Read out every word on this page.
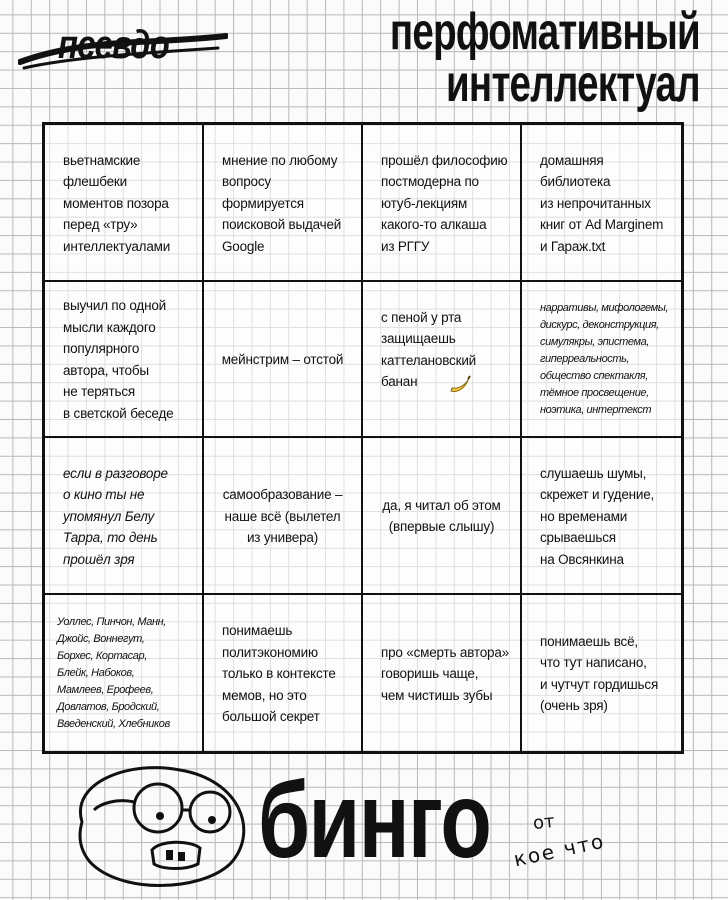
псевдо	перфомативный
интеллектуал
вьетнамские
флешбеки
моментов позора
перед «тру»
интеллектуалами
мнение по любому
вопросу формируется
поисковой выдачей
Google
прошёл философию
постмодерна по
ютуб-лекциям
какого-то алкаша
из РГГУ
домашняя
библиотека
из непрочитанных
книг от Ad Marginem
и Гараж.txt
выучил по одной
мысли каждого
популярного
автора, чтобы
не теряться
в светской беседе
мейнстрим – отстой
с пеной у рта
защищаешь
каттелановский
банан
нарративы, мифологемы,
дискурс, деконструкция,
симулякры, эпистема,
гиперреальность,
общество спектакля,
тёмное просвещение,
ноэтика, интертекст
если в разговоре
о кино ты не
упомянул Белу
Тарра, то день
прошёл зря
самообразование –
наше всё (вылетел
из универа)
да, я читал об этом
(впервые слышу)
слушаешь шумы,
скрежет и гудение,
но временами
срываешься
на Овсянкина
Уоллес, Пинчон, Манн,
Джойс, Воннегут,
Борхес, Кортасар,
Блейк, Набоков,
Мамлеев, Ерофеев,
Довлатов, Бродский,
Введенский, Хлебников
понимаешь
политэкономию
только в контексте
мемов, но это
большой секрет
про «смерть автора»
говоришь чаще,
чем чистишь зубы
понимаешь всё,
что тут написано,
и чутчут гордишься
(очень зря)
бинго от
кое что
